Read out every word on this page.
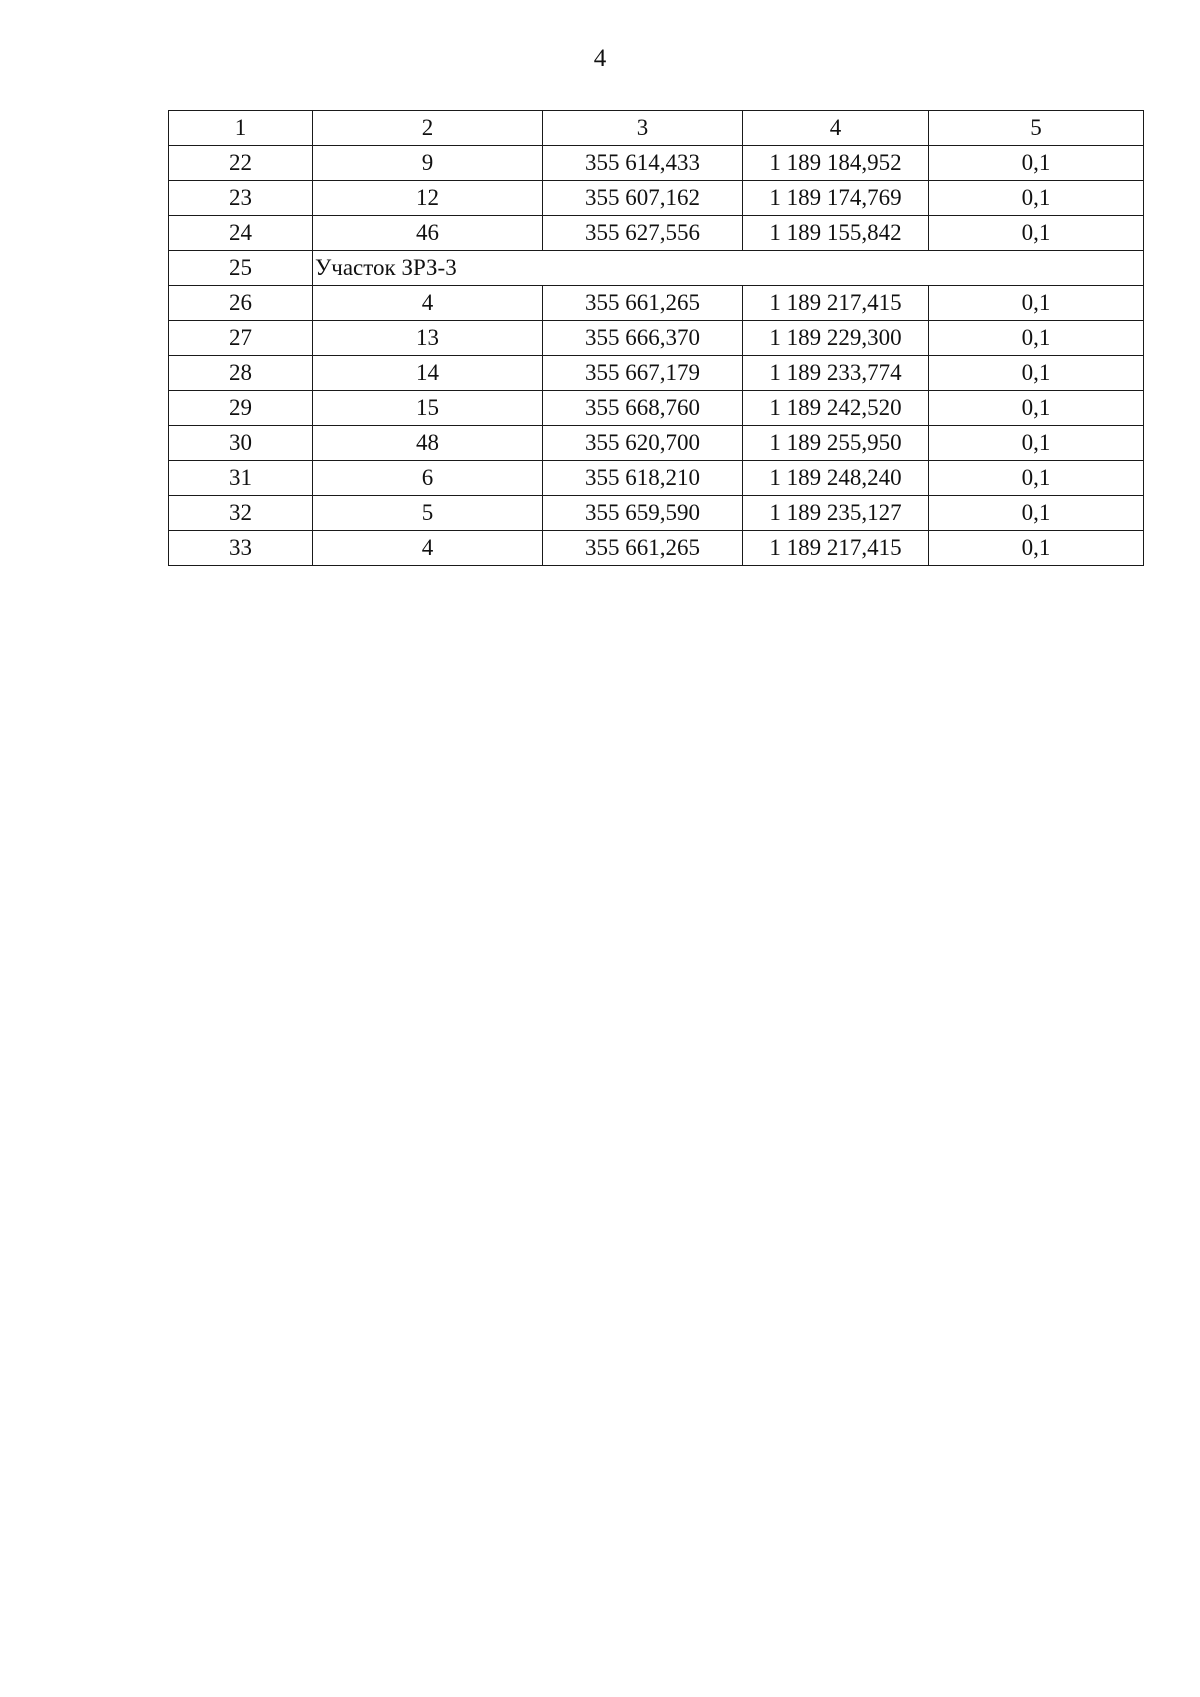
4
1	2	3	4	5
22	9	355 614,433	1 189 184,952	0,1
23	12	355 607,162	1 189 174,769	0,1
24	46	355 627,556	1 189 155,842	0,1
25	Участок ЗРЗ-3			
26	4	355 661,265	1 189 217,415	0,1
27	13	355 666,370	1 189 229,300	0,1
28	14	355 667,179	1 189 233,774	0,1
29	15	355 668,760	1 189 242,520	0,1
30	48	355 620,700	1 189 255,950	0,1
31	6	355 618,210	1 189 248,240	0,1
32	5	355 659,590	1 189 235,127	0,1
33	4	355 661,265	1 189 217,415	0,1
